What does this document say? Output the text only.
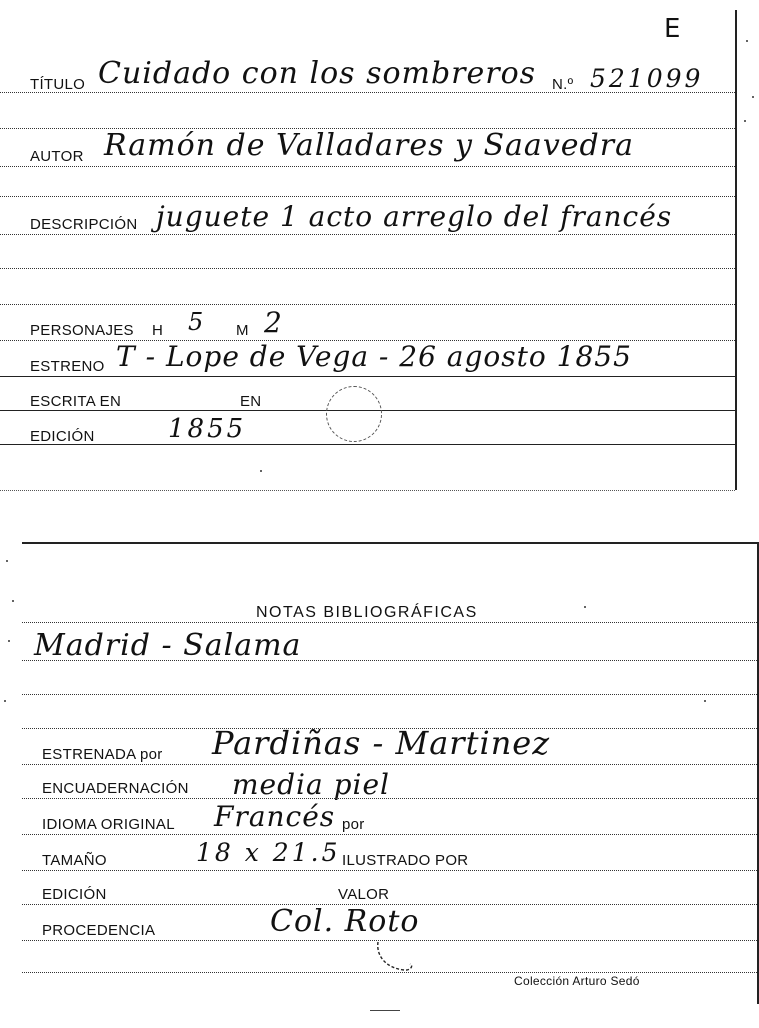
E
TÍTULO Cuidado con los sombreros N.º 521099
AUTOR Ramón de Valladares y Saavedra
DESCRIPCIÓN juguete 1 acto arreglo del francés
PERSONAJES H 5 M 2
ESTRENO T - Lope de Vega - 26 agosto 1855
ESCRITA EN	EN
EDICIÓN	1855
NOTAS BIBLIOGRÁFICAS
Madrid - Salama
ESTRENADA por Pardiñas - Martinez
ENCUADERNACIÓN media piel
IDIOMA ORIGINAL Francés por
TAMAÑO	18 x 21.5 ILUSTRADO POR
EDICIÓN	VALOR
PROCEDENCIA	Col. Roto
Colección Arturo Sedó
